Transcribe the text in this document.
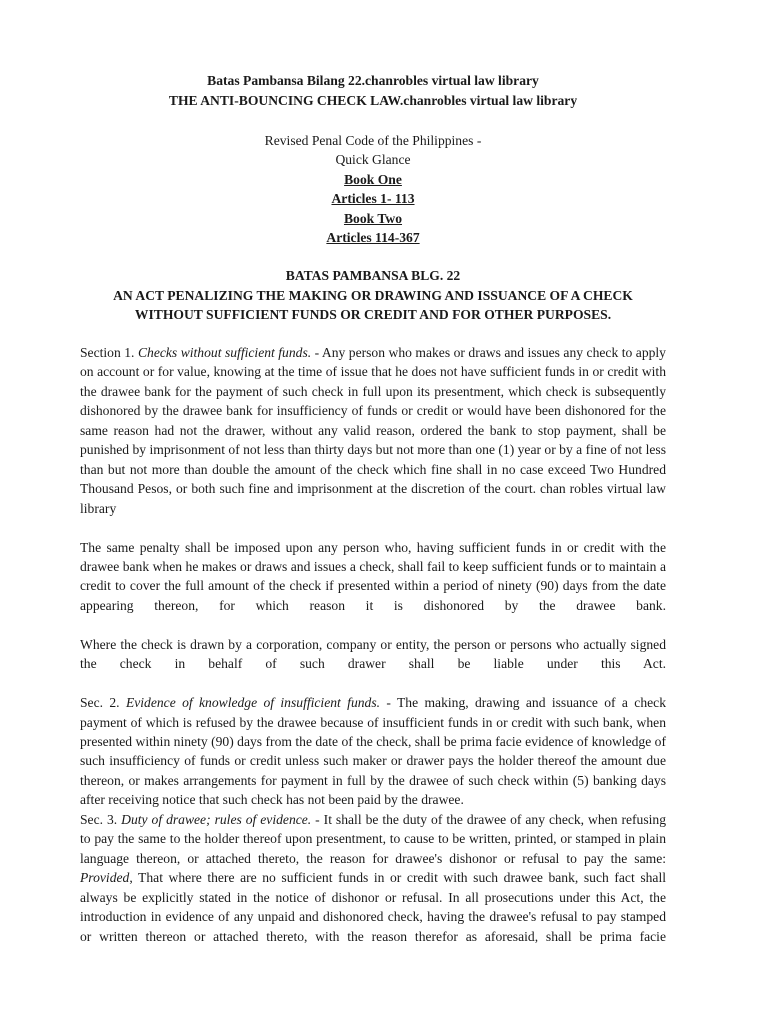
Batas Pambansa Bilang 22.chanrobles virtual law library
THE ANTI-BOUNCING CHECK LAW.chanrobles virtual law library
Revised Penal Code of the Philippines -
Quick Glance
Book One
Articles 1- 113
Book Two
Articles 114-367
BATAS PAMBANSA BLG. 22
AN ACT PENALIZING THE MAKING OR DRAWING AND ISSUANCE OF A CHECK
WITHOUT SUFFICIENT FUNDS OR CREDIT AND FOR OTHER PURPOSES.

Section 1. Checks without sufficient funds. - Any person who makes or draws and issues any check to apply on account or for value, knowing at the time of issue that he does not have sufficient funds in or credit with the drawee bank for the payment of such check in full upon its presentment, which check is subsequently dishonored by the drawee bank for insufficiency of funds or credit or would have been dishonored for the same reason had not the drawer, without any valid reason, ordered the bank to stop payment, shall be punished by imprisonment of not less than thirty days but not more than one (1) year or by a fine of not less than but not more than double the amount of the check which fine shall in no case exceed Two Hundred Thousand Pesos, or both such fine and imprisonment at the discretion of the court. chan robles virtual law library

The same penalty shall be imposed upon any person who, having sufficient funds in or credit with the drawee bank when he makes or draws and issues a check, shall fail to keep sufficient funds or to maintain a credit to cover the full amount of the check if presented within a period of ninety (90) days from the date appearing thereon, for which reason it is dishonored by the drawee bank.

Where the check is drawn by a corporation, company or entity, the person or persons who actually signed the check in behalf of such drawer shall be liable under this Act.

Sec. 2. Evidence of knowledge of insufficient funds. - The making, drawing and issuance of a check payment of which is refused by the drawee because of insufficient funds in or credit with such bank, when presented within ninety (90) days from the date of the check, shall be prima facie evidence of knowledge of such insufficiency of funds or credit unless such maker or drawer pays the holder thereof the amount due thereon, or makes arrangements for payment in full by the drawee of such check within (5) banking days after receiving notice that such check has not been paid by the drawee.

Sec. 3. Duty of drawee; rules of evidence. - It shall be the duty of the drawee of any check, when refusing to pay the same to the holder thereof upon presentment, to cause to be written, printed, or stamped in plain language thereon, or attached thereto, the reason for drawee's dishonor or refusal to pay the same: Provided, That where there are no sufficient funds in or credit with such drawee bank, such fact shall always be explicitly stated in the notice of dishonor or refusal. In all prosecutions under this Act, the introduction in evidence of any unpaid and dishonored check, having the drawee's refusal to pay stamped or written thereon or attached thereto, with the reason therefor as aforesaid, shall be prima facie
